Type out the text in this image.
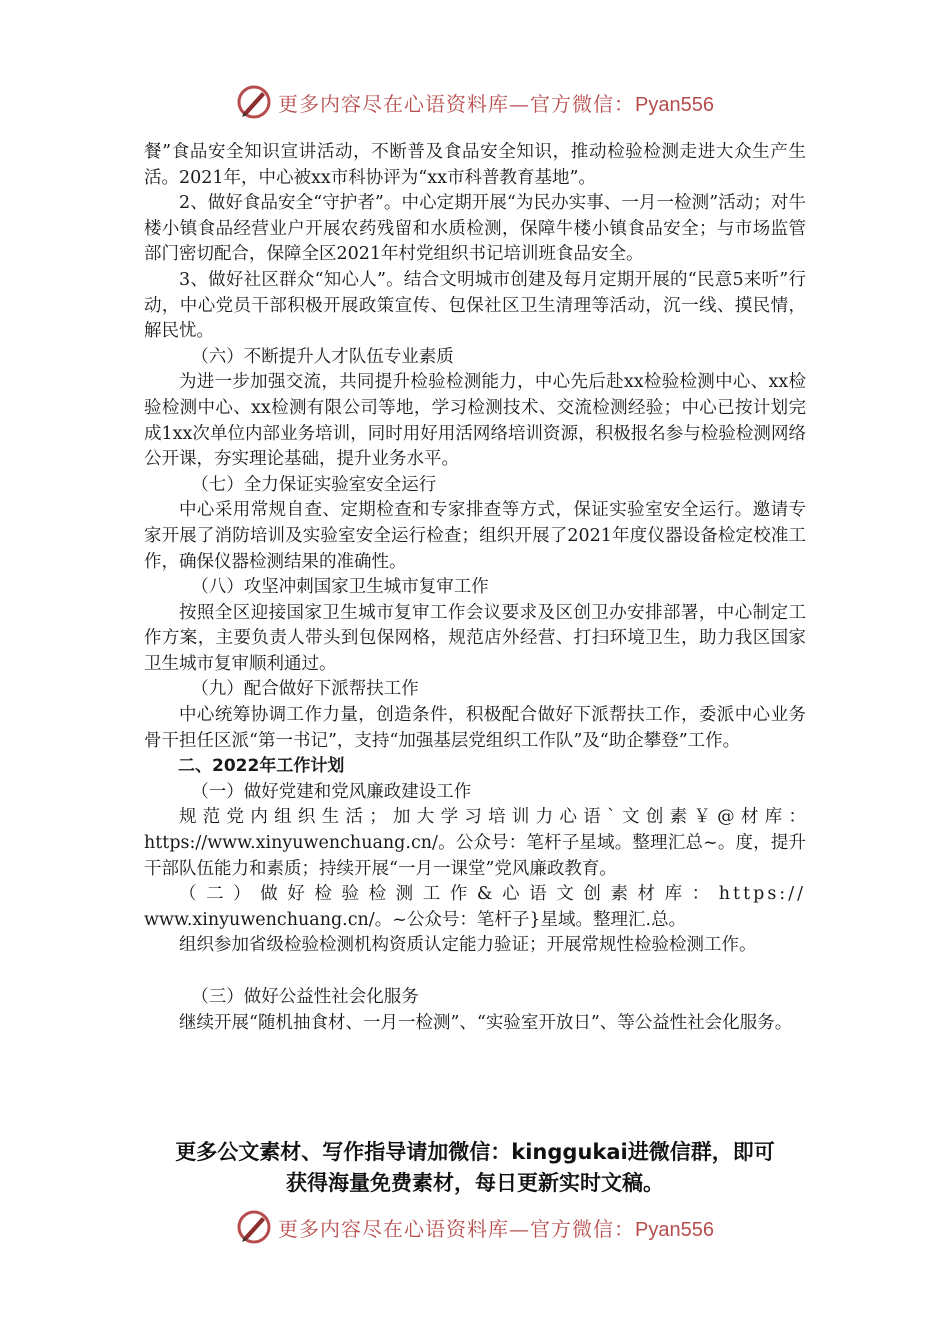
更多内容尽在心语资料库—官方微信：Pyan556

餐”食品安全知识宣讲活动，不断普及食品安全知识，推动检验检测走进大众生产生活。2021年，中心被xx市科协评为“xx市科普教育基地”。

2、做好食品安全“守护者”。中心定期开展“为民办实事、一月一检测”活动；对牛楼小镇食品经营业户开展农药残留和水质检测，保障牛楼小镇食品安全；与市场监管部门密切配合，保障全区2021年村党组织书记培训班食品安全。

3、做好社区群众“知心人”。结合文明城市创建及每月定期开展的“民意5来听”行动，中心党员干部积极开展政策宣传、包保社区卫生清理等活动，沉一线、摸民情，解民忧。

（六）不断提升人才队伍专业素质

为进一步加强交流，共同提升检验检测能力，中心先后赴xx检验检测中心、xx检验检测中心、xx检测有限公司等地，学习检测技术、交流检测经验；中心已按计划完成1xx次单位内部业务培训，同时用好用活网络培训资源，积极报名参与检验检测网络公开课，夯实理论基础，提升业务水平。

（七）全力保证实验室安全运行

中心采用常规自查、定期检查和专家排查等方式，保证实验室安全运行。邀请专家开展了消防培训及实验室安全运行检查；组织开展了2021年度仪器设备检定校准工作，确保仪器检测结果的准确性。

（八）攻坚冲刺国家卫生城市复审工作

按照全区迎接国家卫生城市复审工作会议要求及区创卫办安排部署，中心制定工作方案，主要负责人带头到包保网格，规范店外经营、打扫环境卫生，助力我区国家卫生城市复审顺利通过。

（九）配合做好下派帮扶工作

中心统筹协调工作力量，创造条件，积极配合做好下派帮扶工作，委派中心业务骨干担任区派“第一书记”，支持“加强基层党组织工作队”及“助企攀登”工作。

二、2022年工作计划

（一）做好党建和党风廉政建设工作

规范党内组织生活；加大学习培训力心语`文创素￥@材库：https://www.xinyuwenchuang.cn/。公众号：笔杆子星域。整理汇总~。度，提升干部队伍能力和素质；持续开展“一月一课堂”党风廉政教育。

（二）做好检验检测工作&心语文创素材库：https://

www.xinyuwenchuang.cn/。~公众号：笔杆子}星域。整理汇.总。

组织参加省级检验检测机构资质认定能力验证；开展常规性检验检测工作。

（三）做好公益性社会化服务

继续开展“随机抽食材、一月一检测”、“实验室开放日”、等公益性社会化服务。

更多公文素材、写作指导请加微信：kinggukai进微信群，即可
获得海量免费素材，每日更新实时文稿。
更多内容尽在心语资料库—官方微信：Pyan556
